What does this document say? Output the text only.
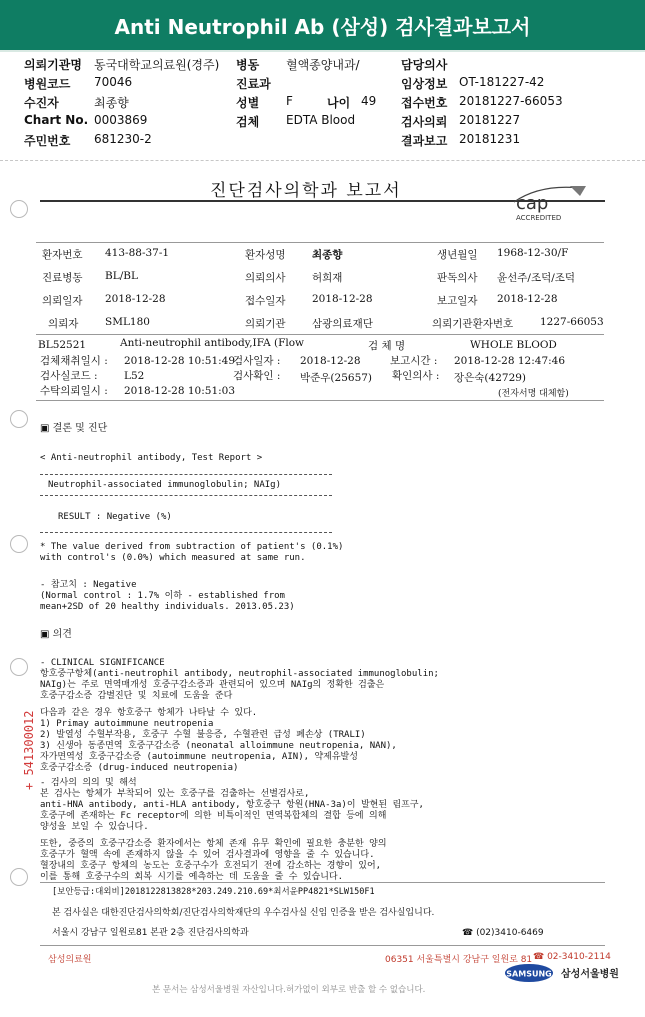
Anti Neutrophil Ab (삼성) 검사결과보고서
의뢰기관명 동국대학교의료원(경주) 병동 혈액종양내과/	담당의사
병원코드 70046	진료과	임상정보 OT-181227-42
수진자	최종향	성별 F	나이 49 접수번호 20181227-66053
Chart No. 0003869	검체 EDTA Blood	검사의뢰 20181227
주민번호 681230-2	결과보고 20181231
진단검사의학과 보고서
cap
ACCREDITED
환자번호 413-88-37-1	환자성명	최종향	생년월일 1968-12-30/F
진료병동 BL/BL	의뢰의사	허희재	판독의사 윤선주/조덕/조덕
의뢰일자 2018-12-28	접수일자	2018-12-28	보고일자 2018-12-28
의뢰자	SML180	의뢰기관	삼광의료재단	의뢰기관환자번호	1227-66053
BL52521	Anti-neutrophil antibody,IFA (Flow	검 체 명	WHOLE BLOOD
검체채취일시 : 2018-12-28 10:51:49
검사일자 : 2018-12-28	보고시간 : 2018-12-28 12:47:46
검사실코드 :	L52	검사확인 : 박준우(25657) 확인의사 : 장은숙(42729)
수탁의뢰일시 : 2018-12-28 10:51:03	(전자서명 대체함)
▣ 결론 및 진단
< Anti-neutrophil antibody, Test Report >
Neutrophil-associated immunoglobulin; NAIg)
RESULT : Negative (%)
* The value derived from subtraction of patient's (0.1%)
with control's (0.0%) which measured at same run.
- 참고치 : Negative
(Normal control : 1.7% 이하 - established from
mean+2SD of 20 healthy individuals. 2013.05.23)
▣ 의견
- CLINICAL SIGNIFICANCE
항호중구항체(anti-neutrophil antibody, neutrophil-associated immunoglobulin;
NAIg)는 주로 면역매개성 호중구감소증과 관련되어 있으며 NAIg의 정확한 검출은
호중구감소증 감별진단 및 치료에 도움을 준다
다음과 같은 경우 항호중구 항체가 나타날 수 있다.
1) Primay autoimmune neutropenia
2) 발열성 수혈부작용, 호중구 수혈 불응증, 수혈관련 급성 폐손상 (TRALI)
3) 신생아 동종면역 호중구감소증 (neonatal alloimmune neutropenia, NAN),
자가면역성 호중구감소증 (autoimmune neutropenia, AIN), 약제유발성
호중구감소증 (drug-induced neutropenia)
- 검사의 의의 및 해석
본 검사는 항체가 부착되어 있는 호중구를 검출하는 선별검사로,
anti-HNA antibody, anti-HLA antibody, 항호중구 항원(HNA-3a)이 발현된 림프구,
호중구에 존재하는 Fc receptor에 의한 비특이적인 면역복합체의 결합 등에 의해
양성을 보일 수 있습니다.
또한, 중증의 호중구감소증 환자에서는 항체 존재 유무 확인에 필요한 충분한 양의
호중구가 혈액 속에 존재하지 않을 수 있어 검사결과에 영향을 줄 수 있습니다.
혈장내의 호중구 항체의 농도는 호중구수가 호전되기 전에 감소하는 경향이 있어,
이를 통해 호중구수의 회복 시기를 예측하는 데 도움을 줄 수 있습니다.
+ 541300012
[보안등급:대외비]2018122813828*203.249.210.69*최서윤PP4821*SLW150F1
본 검사실은 대한진단검사의학회/진단검사의학재단의 우수검사실 신임 인증을 받은 검사실입니다.
서울시 강남구 일원로81 본관 2층 진단검사의학과	☎ (02)3410-6469
삼성의료원	06351 서울특별시 강남구 일원로 81 ☎ 02-3410-2114
SAMSUNG 삼성서울병원
본 문서는 삼성서울병원 자산입니다.허가없이 외부로 반출 할 수 없습니다.
